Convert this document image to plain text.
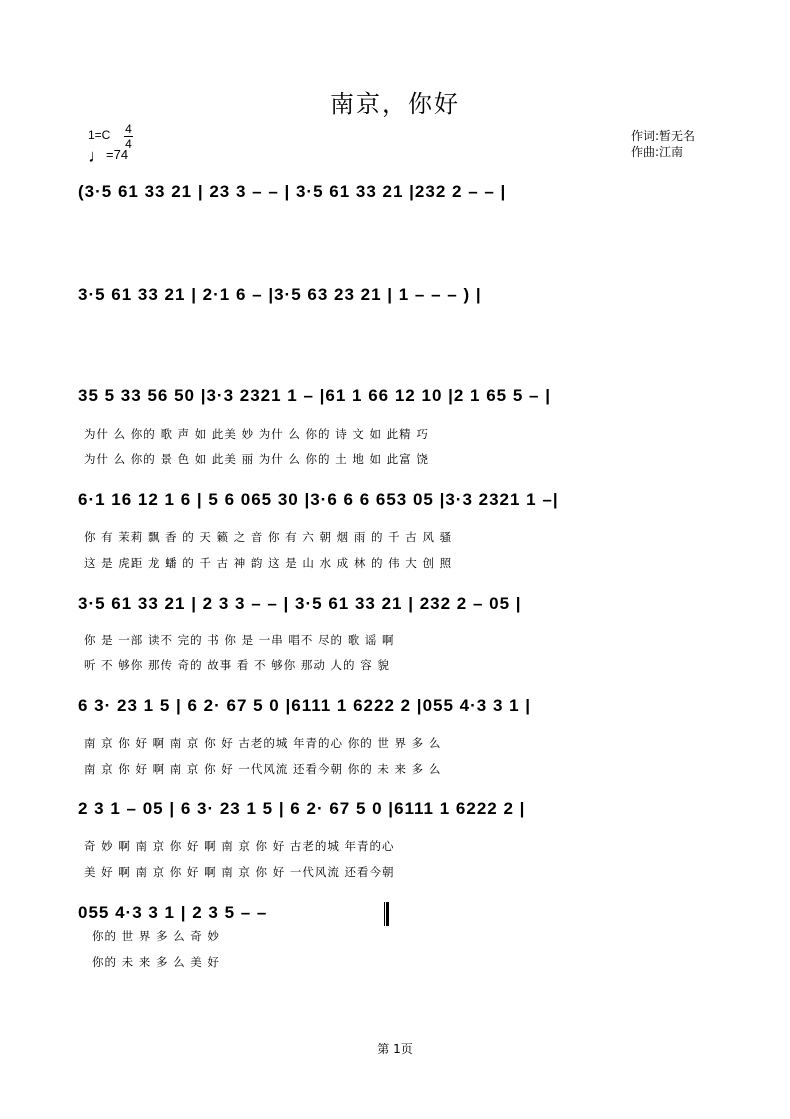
南京，你好
1=C 4
4
♩=74
作词:暂无名
作曲:江南
(3·5 61 33 21 | 23 3 – – | 3·5 61 33 21 |232 2 – – |
3·5 61 33 21 | 2·1 6 – |3·5 63 23 21 | 1 – – – ) |
35 5 33 56 50 |3·3 2321 1 – |61 1 66 12 10 |2 1 65 5 – |
6·1 16 12 1 6 | 5 6 065 30 |3·6 6 6 653 05 |3·3 2321 1 –|
3·5 61 33 21 | 2 3 3 – – | 3·5 61 33 21 | 232 2 – 05 |
6 3· 23 1 5 | 6 2· 67 5 0 |6111 1 6222 2 |055 4·3 3 1 |
2 3 1 – 05 | 6 3· 23 1 5 | 6 2· 67 5 0 |6111 1 6222 2 |
055 4·3 3 1 | 2 3 5 – –
为什 么 你的 歌 声 如 此美 妙 为什 么 你的 诗 文 如 此精 巧
为什 么 你的 景 色 如 此美 丽 为什 么 你的 土 地 如 此富 饶
你 有 茉莉 飘 香 的 天 籁 之 音 你 有 六 朝 烟 雨 的 千 古 风 骚
这 是 虎距 龙 蟠 的 千 古 神 韵 这 是 山 水 成 林 的 伟 大 创 照
你 是 一部 读不 完的 书 你 是 一串 唱不 尽的 歌 谣 啊
听 不 够你 那传 奇的 故事 看 不 够你 那动 人的 容 貌
南 京 你 好 啊 南 京 你 好 古老的城 年青的心 你的 世 界 多 么
南 京 你 好 啊 南 京 你 好 一代风流 还看今朝 你的 未 来 多 么
奇 妙 啊 南 京 你 好 啊 南 京 你 好 古老的城 年青的心
美 好 啊 南 京 你 好 啊 南 京 你 好 一代风流 还看今朝
你的 世 界 多 么 奇 妙
你的 未 来 多 么 美 好
第 1页
